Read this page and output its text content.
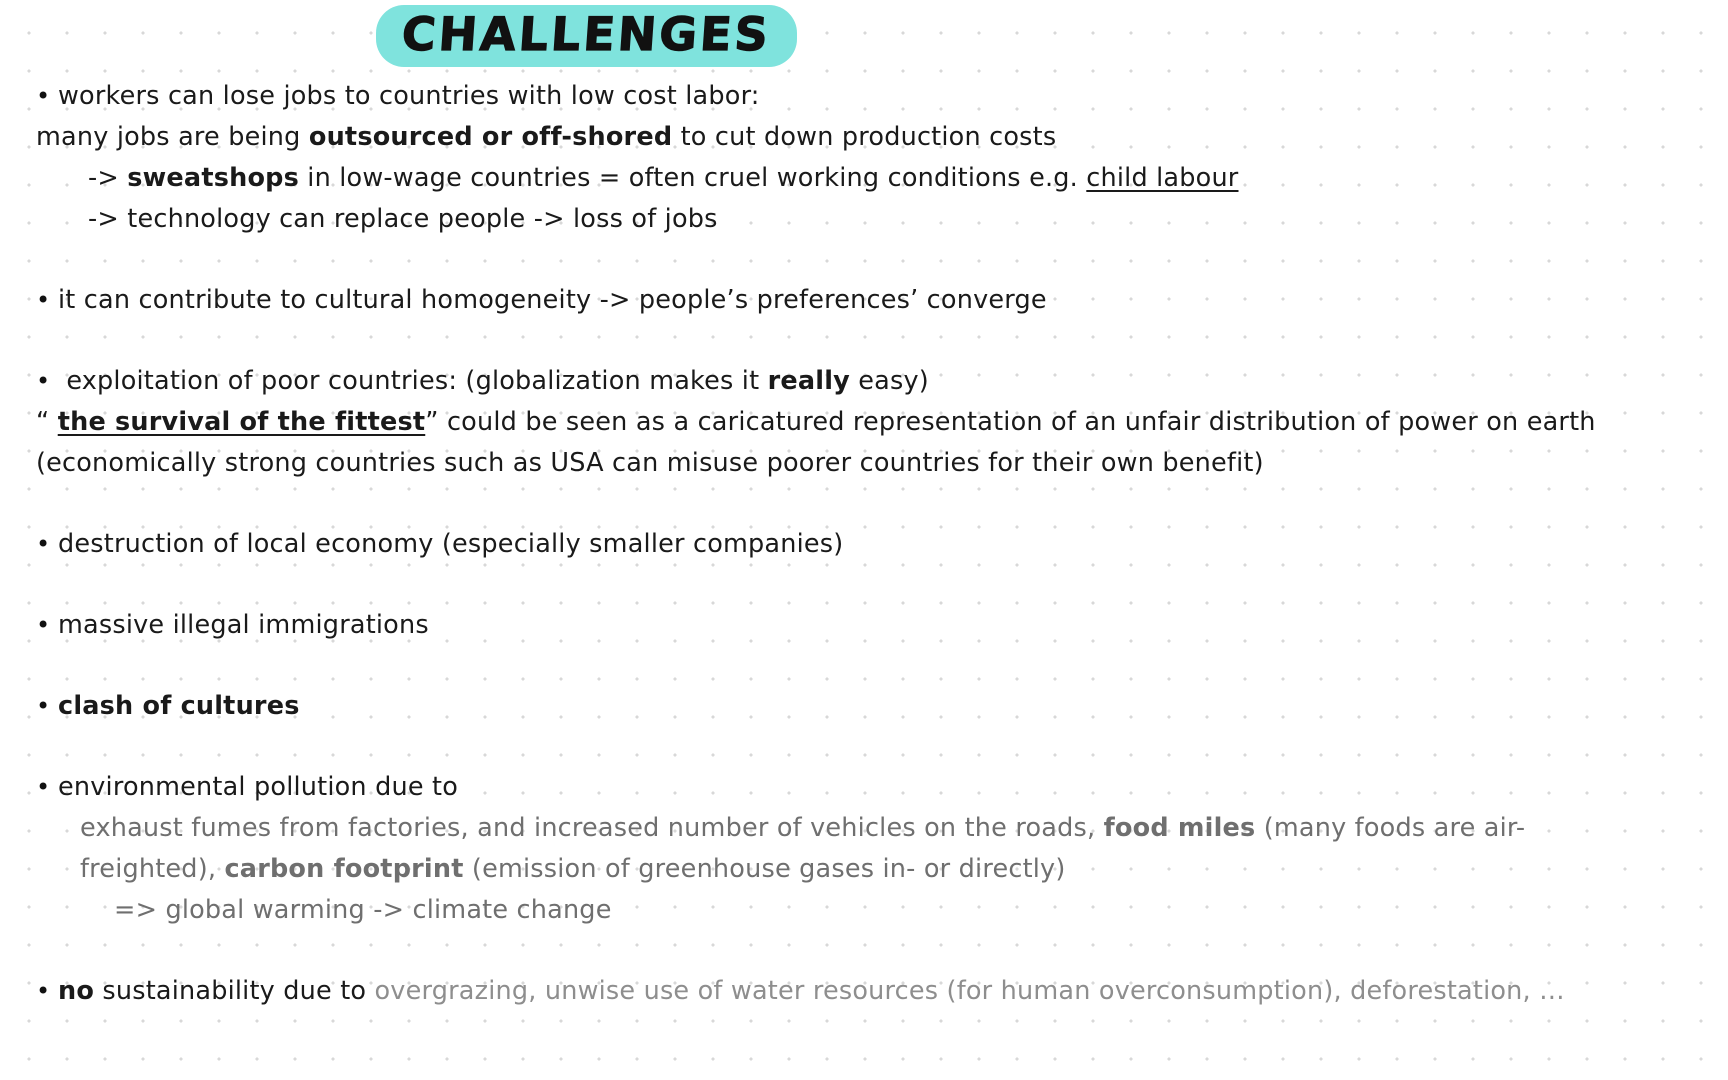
CHALLENGES
• workers can lose jobs to countries with low cost labor:
many jobs are being outsourced or off-shored to cut down production costs
-> sweatshops in low-wage countries = often cruel working conditions e.g. child labour
-> technology can replace people -> loss of jobs
• it can contribute to cultural homogeneity -> people’s preferences’ converge
• exploitation of poor countries: (globalization makes it really easy)
“ the survival of the fittest” could be seen as a caricatured representation of an unfair distribution of power on earth
(economically strong countries such as USA can misuse poorer countries for their own benefit)
• destruction of local economy (especially smaller companies)
• massive illegal immigrations
• clash of cultures
• environmental pollution due to
exhaust fumes from factories, and increased number of vehicles on the roads, food miles (many foods are air-
freighted), carbon footprint (emission of greenhouse gases in- or directly)
=> global warming -> climate change
• no sustainability due to overgrazing, unwise use of water resources (for human overconsumption), deforestation, …
